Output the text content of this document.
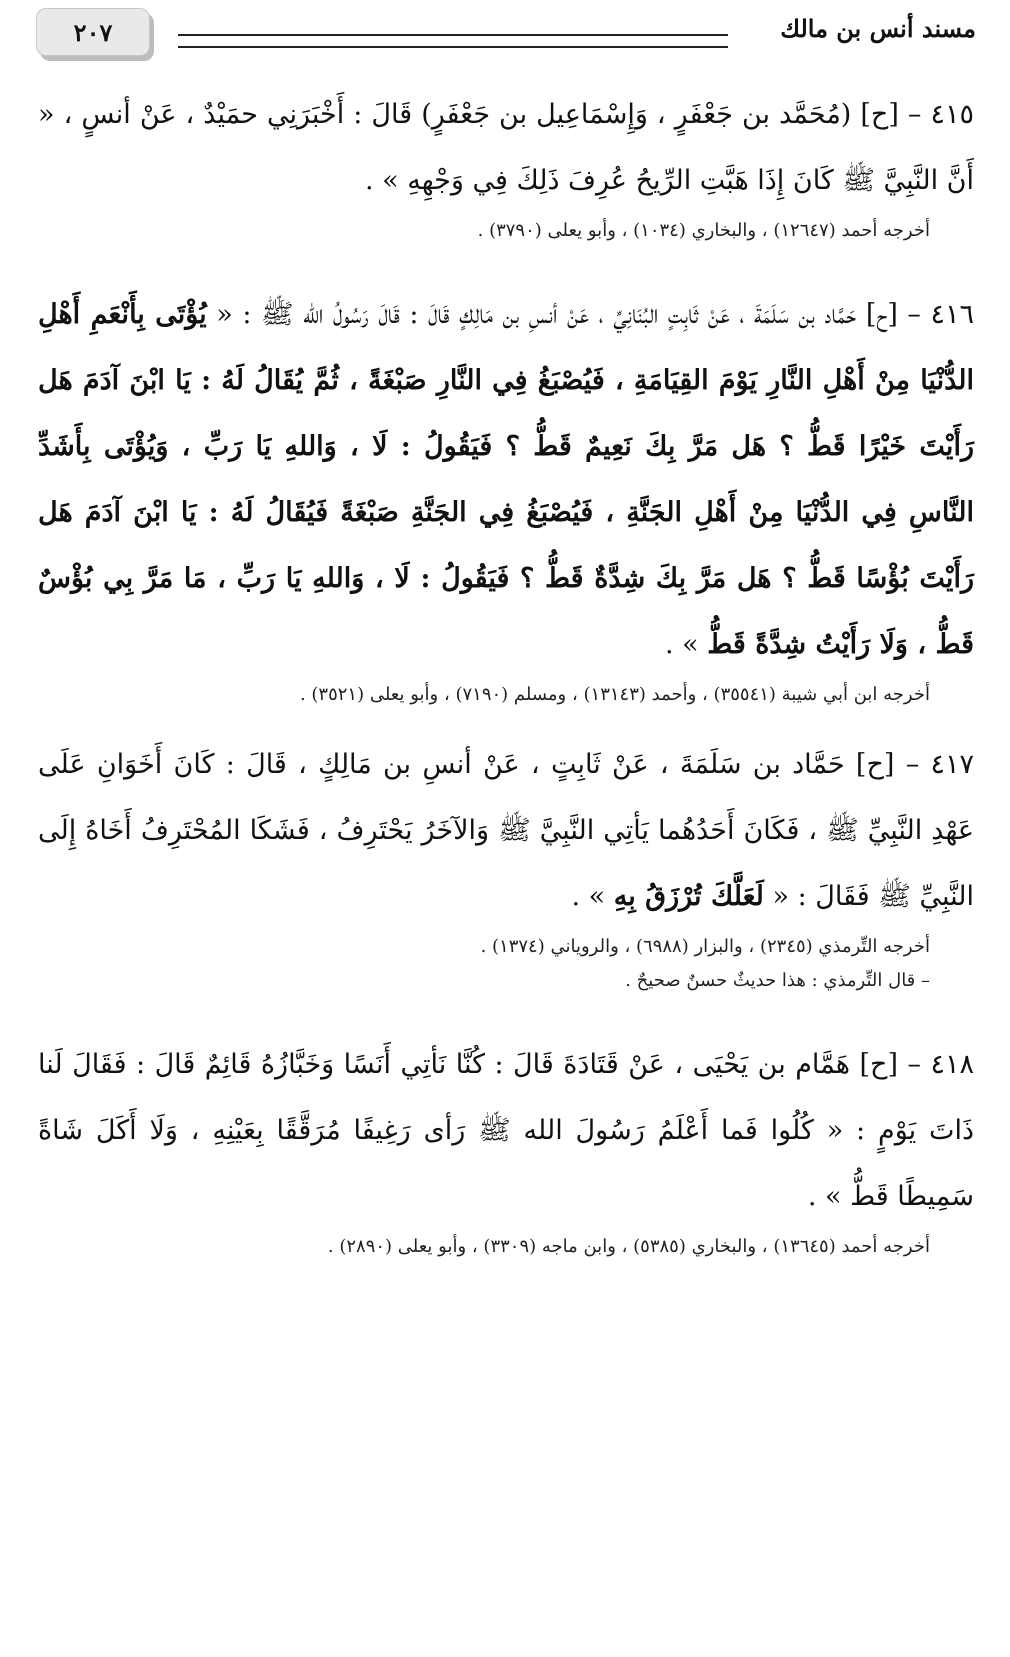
٢٠٧	مسند أنس بن مالك

٤١٥ – [ح] (مُحَمَّد بن جَعْفَرٍ ، وَإِسْمَاعِيل بن جَعْفَرٍ) قَالَ : أَخْبَرَنِي حمَيْدٌ ، عَنْ أنسٍ ، « أَنَّ النَّبِيَّ ﷺ كَانَ إِذَا هَبَّتِ الرِّيحُ عُرِفَ ذَلِكَ فِي وَجْهِهِ » .

أخرجه أحمد (١٢٦٤٧) ، والبخاري (١٠٣٤) ، وأبو يعلى (٣٧٩٠) .

٤١٦ – [ح] حَمَّاد بن سَلَمَةَ ، عَنْ ثَابِتٍ البُنَانِيِّ ، عَنْ أنسِ بن مَالِكٍ قَالَ : قَالَ رَسُولُ الله ﷺ : « يُؤْتَى بِأَنْعَمِ أَهْلِ الدُّنْيَا مِنْ أَهْلِ النَّارِ يَوْمَ القِيَامَةِ ، فَيُصْبَغُ فِي النَّارِ صَبْغَةً ، ثُمَّ يُقَالُ لَهُ : يَا ابْنَ آدَمَ هَل رَأَيْتَ خَيْرًا قَطُّ ؟ هَل مَرَّ بِكَ نَعِيمٌ قَطُّ ؟ فَيَقُولُ : لَا ، وَاللهِ يَا رَبِّ ، وَيُؤْتَى بِأَشَدِّ النَّاسِ فِي الدُّنْيَا مِنْ أَهْلِ الجَنَّةِ ، فَيُصْبَغُ فِي الجَنَّةِ صَبْغَةً فَيُقَالُ لَهُ : يَا ابْنَ آدَمَ هَل رَأَيْتَ بُؤْسًا قَطُّ ؟ هَل مَرَّ بِكَ شِدَّةٌ قَطُّ ؟ فَيَقُولُ : لَا ، وَاللهِ يَا رَبِّ ، مَا مَرَّ بِي بُؤْسٌ قَطُّ ، وَلَا رَأَيْتُ شِدَّةً قَطُّ » .

أخرجه ابن أبي شيبة (٣٥٥٤١) ، وأحمد (١٣١٤٣) ، ومسلم (٧١٩٠) ، وأبو يعلى (٣٥٢١) .

٤١٧ – [ح] حَمَّاد بن سَلَمَةَ ، عَنْ ثَابِتٍ ، عَنْ أنسِ بن مَالِكٍ ، قَالَ : كَانَ أَخَوَانِ عَلَى عَهْدِ النَّبِيِّ ﷺ ، فَكَانَ أَحَدُهُما يَأتِي النَّبِيَّ ﷺ وَالآخَرُ يَحْتَرِفُ ، فَشَكَا المُحْتَرِفُ أَخَاهُ إِلَى النَّبِيِّ ﷺ فَقَالَ : « لَعَلَّكَ تُرْزَقُ بِهِ » .

أخرجه التِّرمذي (٢٣٤٥) ، والبزار (٦٩٨٨) ، والروياني (١٣٧٤) .

– قال التِّرمذي : هذا حديثٌ حسنٌ صحيحٌ .

٤١٨ – [ح] هَمَّام بن يَحْيَى ، عَنْ قَتَادَةَ قَالَ : كُنَّا نَأتِي أَنَسًا وَخَبَّازُهُ قَائِمٌ قَالَ : فَقَالَ لَنا ذَاتَ يَوْمٍ : « كُلُوا فَما أَعْلَمُ رَسُولَ الله ﷺ رَأى رَغِيفًا مُرَقَّقًا بِعَيْنِهِ ، وَلَا أَكَلَ شَاةً سَمِيطًا قَطُّ » .

أخرجه أحمد (١٣٦٤٥) ، والبخاري (٥٣٨٥) ، وابن ماجه (٣٣٠٩) ، وأبو يعلى (٢٨٩٠) .
